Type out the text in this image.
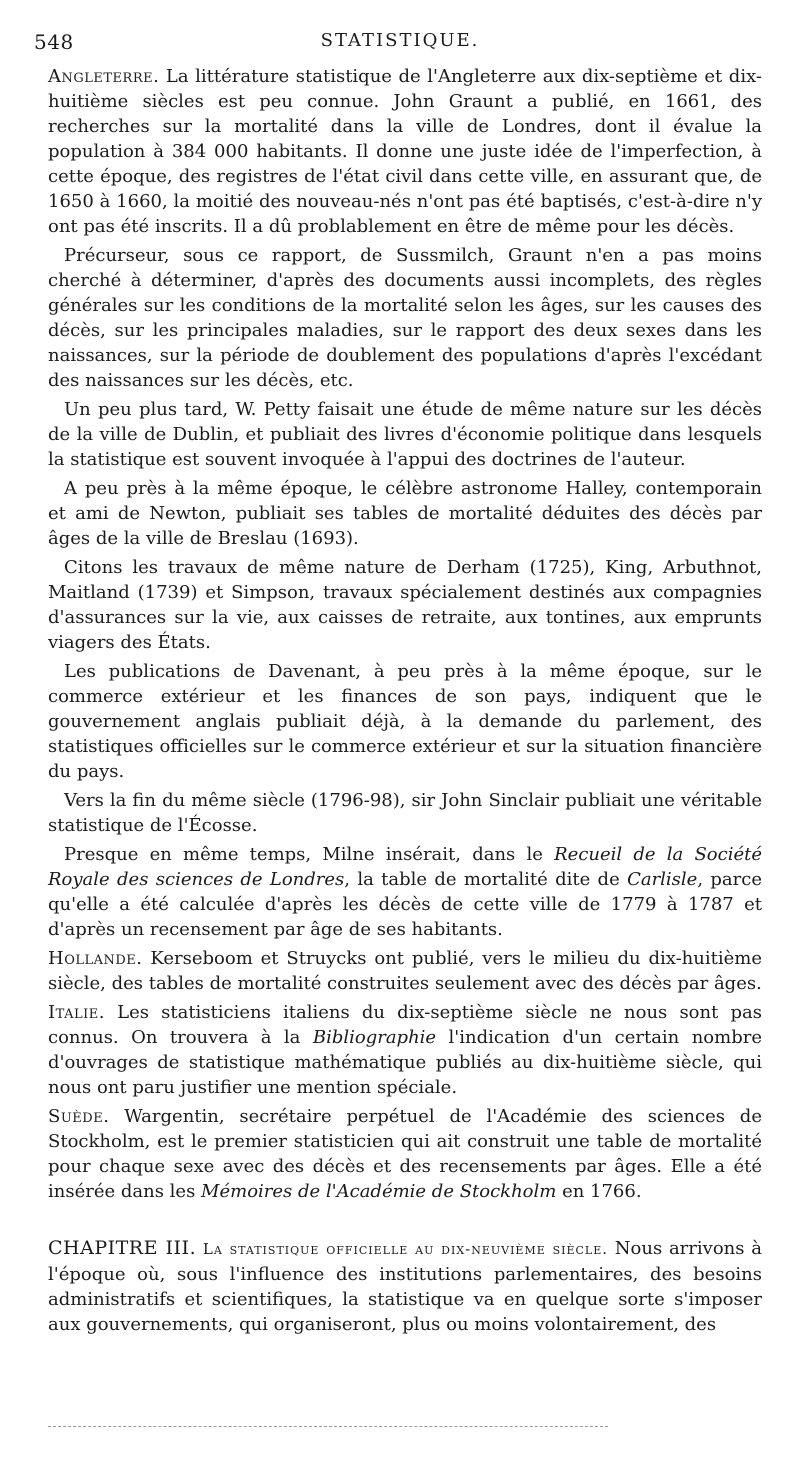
548	STATISTIQUE.

Angleterre. La littérature statistique de l'Angleterre aux dix-septième et dix-huitième siècles est peu connue. John Graunt a publié, en 1661, des recherches sur la mortalité dans la ville de Londres, dont il évalue la population à 384 000 habitants. Il donne une juste idée de l'imperfection, à cette époque, des registres de l'état civil dans cette ville, en assurant que, de 1650 à 1660, la moitié des nouveau-nés n'ont pas été baptisés, c'est-à-dire n'y ont pas été inscrits. Il a dû problablement en être de même pour les décès.

Précurseur, sous ce rapport, de Sussmilch, Graunt n'en a pas moins cherché à déterminer, d'après des documents aussi incomplets, des règles générales sur les conditions de la mortalité selon les âges, sur les causes des décès, sur les principales maladies, sur le rapport des deux sexes dans les naissances, sur la période de doublement des populations d'après l'excédant des naissances sur les décès, etc.

Un peu plus tard, W. Petty faisait une étude de même nature sur les décès de la ville de Dublin, et publiait des livres d'économie politique dans lesquels la statistique est souvent invoquée à l'appui des doctrines de l'auteur.

A peu près à la même époque, le célèbre astronome Halley, contemporain et ami de Newton, publiait ses tables de mortalité déduites des décès par âges de la ville de Breslau (1693).

Citons les travaux de même nature de Derham (1725), King, Arbuthnot, Maitland (1739) et Simpson, travaux spécialement destinés aux compagnies d'assurances sur la vie, aux caisses de retraite, aux tontines, aux emprunts viagers des États.

Les publications de Davenant, à peu près à la même époque, sur le commerce extérieur et les finances de son pays, indiquent que le gouvernement anglais publiait déjà, à la demande du parlement, des statistiques officielles sur le commerce extérieur et sur la situation financière du pays.

Vers la fin du même siècle (1796-98), sir John Sinclair publiait une véritable statistique de l'Écosse.

Presque en même temps, Milne insérait, dans le Recueil de la Société Royale des sciences de Londres, la table de mortalité dite de Carlisle, parce qu'elle a été calculée d'après les décès de cette ville de 1779 à 1787 et d'après un recensement par âge de ses habitants.

Hollande. Kerseboom et Struycks ont publié, vers le milieu du dix-huitième siècle, des tables de mortalité construites seulement avec des décès par âges.

Italie. Les statisticiens italiens du dix-septième siècle ne nous sont pas connus. On trouvera à la Bibliographie l'indication d'un certain nombre d'ouvrages de statistique mathématique publiés au dix-huitième siècle, qui nous ont paru justifier une mention spéciale.

Suède. Wargentin, secrétaire perpétuel de l'Académie des sciences de Stockholm, est le premier statisticien qui ait construit une table de mortalité pour chaque sexe avec des décès et des recensements par âges. Elle a été insérée dans les Mémoires de l'Académie de Stockholm en 1766.

CHAPITRE III. La statistique officielle au dix-neuvième siècle. Nous arrivons à l'époque où, sous l'influence des institutions parlementaires, des besoins administratifs et scientifiques, la statistique va en quelque sorte s'imposer aux gouvernements, qui organiseront, plus ou moins volontairement, des
